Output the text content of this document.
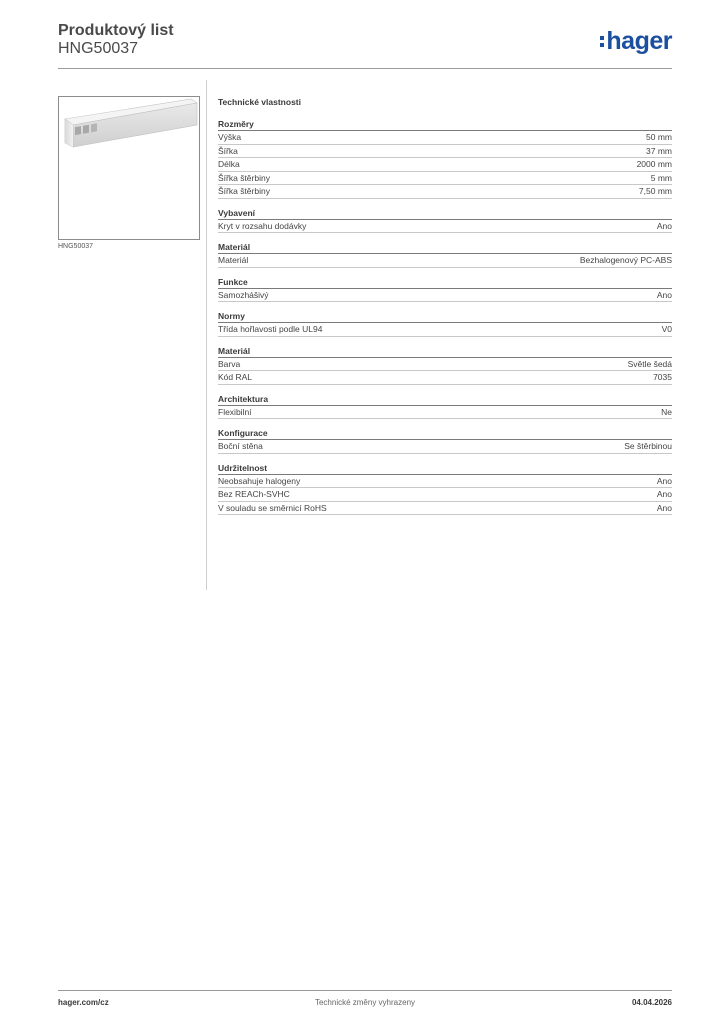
Produktový list
HNG50037	hager
HNG50037
Technické vlastnosti
Rozměry
Výška	50 mm
Šířka	37 mm
Délka	2000 mm
Šířka štěrbiny	5 mm
Šířka štěrbiny	7,50 mm
Vybavení
Kryt v rozsahu dodávky	Ano
Materiál
Materiál	Bezhalogenový PC-ABS
Funkce
Samozhášivý	Ano
Normy
Třída hořlavosti podle UL94	V0
Materiál
Barva	Světle šedá
Kód RAL	7035
Architektura
Flexibilní	Ne
Konfigurace
Boční stěna	Se štěrbinou
Udržitelnost
Neobsahuje halogeny	Ano
Bez REACh-SVHC	Ano
V souladu se směrnicí RoHS	Ano
hager.com/cz	Technické změny vyhrazeny	04.04.2026
